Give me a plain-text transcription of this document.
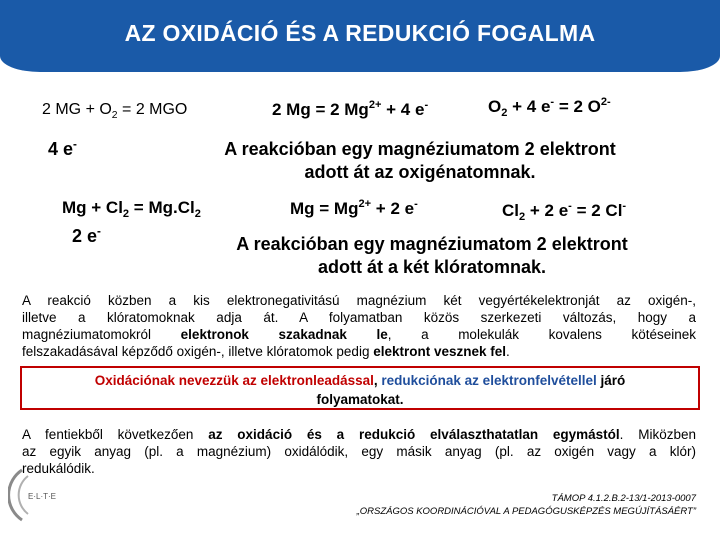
AZ OXIDÁCIÓ ÉS A REDUKCIÓ FOGALMA
2 MG + $O_2 = 2$ MGO	2 Mg = 2 $Mg^{2+} + 4$ e-	$O_2 + 4$ e- = 2 $O^{2-}$
4 e-	A reakcióban egy magnéziumatom 2 elektront
adott át az oxigénatomnak.
$Mg + Cl_2 = Mg.Cl_2$	$Mg = Mg^{2+} + 2$ e-	$Cl_2 + 2$ e- = 2 Cl-
2 e-
A reakcióban egy magnéziumatom 2 elektront
adott át a két klóratomnak.
A reakció közben a kis elektronegativitású magnézium két vegyértékelektronját az oxigén-,
illetve a klóratomoknak adja át. A folyamatban közös szerkezeti változás, hogy a
magnéziumatomokról elektronok szakadnak le, a molekulák kovalens kötéseinek
felszakadásával képződő oxigén-, illetve klóratomok pedig elektront vesznek fel.
Oxidációnak nevezzük az elektronleadással, redukciónak az elektronfelvétellel járó
folyamatokat.
A fentiekből következően az oxidáció és a redukció elválaszthatatlan egymástól. Miközben
az egyik anyag (pl. a magnézium) oxidálódik, egy másik anyag (pl. az oxigén vagy a klór)
redukálódik.
E·L·T·E	TÁMOP 4.1.2.B.2-13/1-2013-0007
„ORSZÁGOS KOORDINÁCIÓVAL A PEDAGÓGUSKÉPZÉS MEGÚJÍTÁSÁÉRT”
